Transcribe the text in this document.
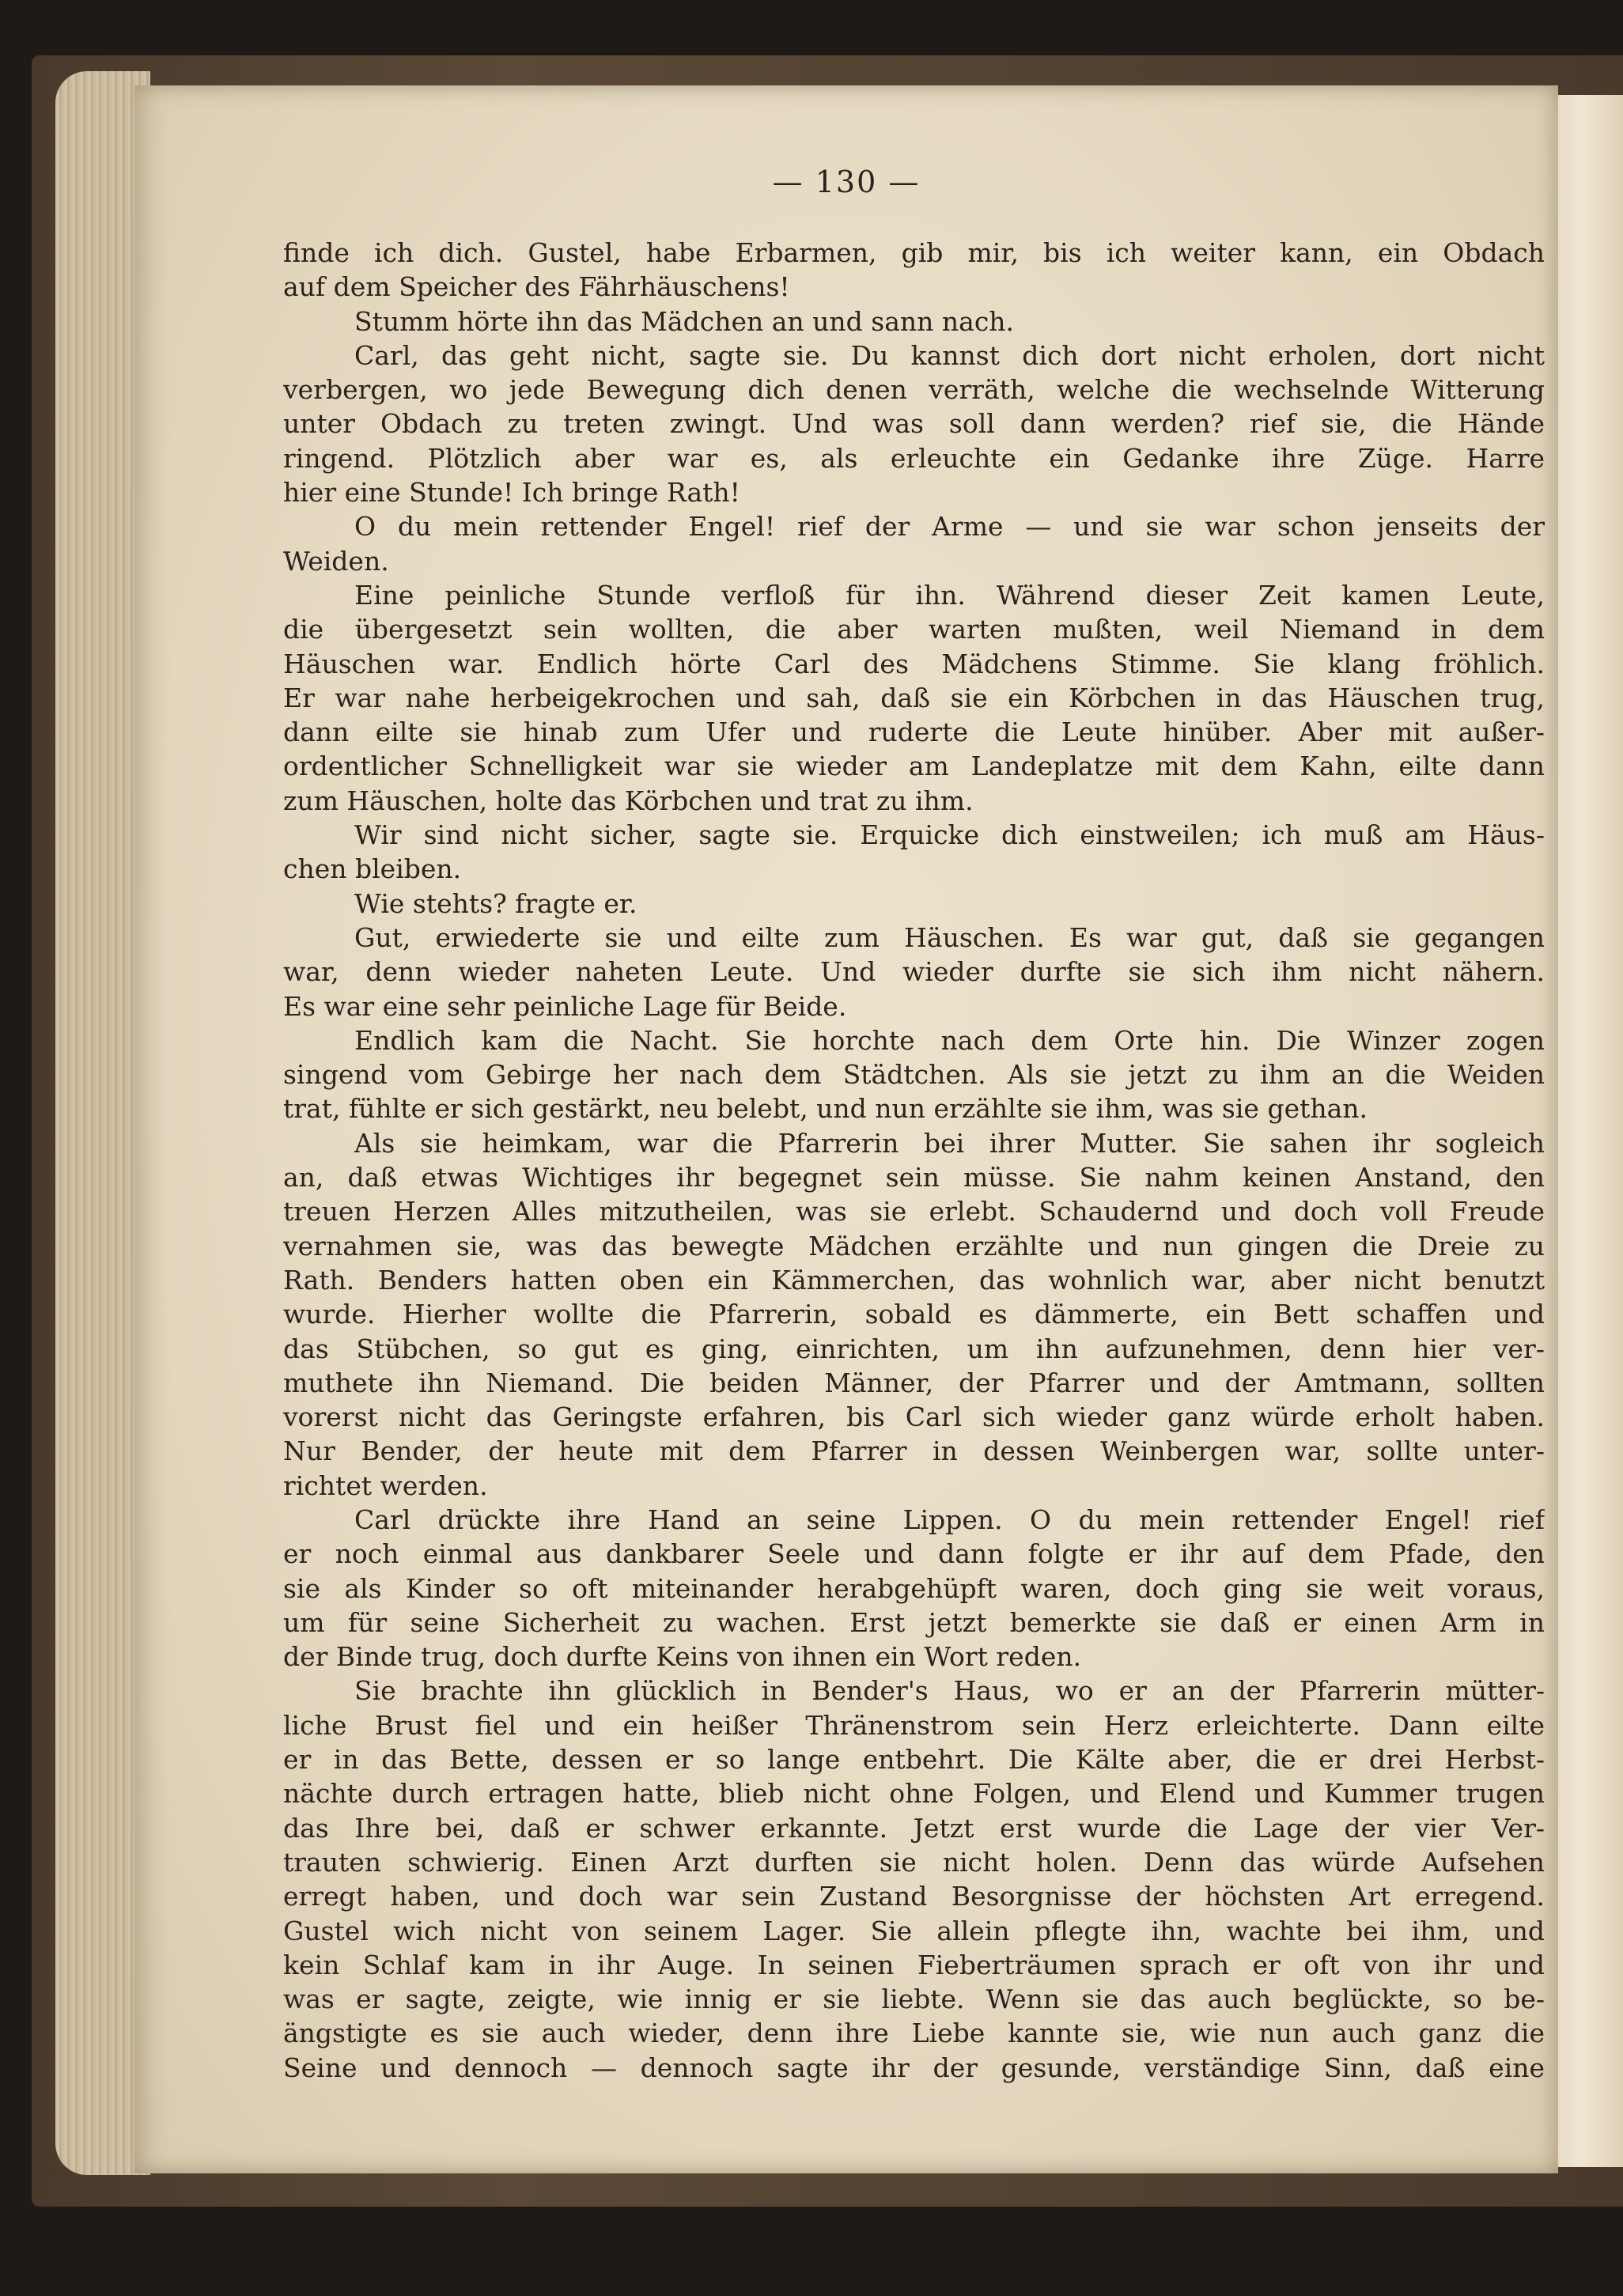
— 130 —
finde ich dich. Gustel, habe Erbarmen, gib mir, bis ich weiter kann, ein Obdach
auf dem Speicher des Fährhäuschens!
Stumm hörte ihn das Mädchen an und sann nach.
Carl, das geht nicht, sagte sie. Du kannst dich dort nicht erholen, dort nicht
verbergen, wo jede Bewegung dich denen verräth, welche die wechselnde Witterung
unter Obdach zu treten zwingt. Und was soll dann werden? rief sie, die Hände
ringend. Plötzlich aber war es, als erleuchte ein Gedanke ihre Züge. Harre
hier eine Stunde! Ich bringe Rath!
O du mein rettender Engel! rief der Arme — und sie war schon jenseits der
Weiden.
Eine peinliche Stunde verfloß für ihn. Während dieser Zeit kamen Leute,
die übergesetzt sein wollten, die aber warten mußten, weil Niemand in dem
Häuschen war. Endlich hörte Carl des Mädchens Stimme. Sie klang fröhlich.
Er war nahe herbeigekrochen und sah, daß sie ein Körbchen in das Häuschen trug,
dann eilte sie hinab zum Ufer und ruderte die Leute hinüber. Aber mit außer-
ordentlicher Schnelligkeit war sie wieder am Landeplatze mit dem Kahn, eilte dann
zum Häuschen, holte das Körbchen und trat zu ihm.
Wir sind nicht sicher, sagte sie. Erquicke dich einstweilen; ich muß am Häus-
chen bleiben.
Wie stehts? fragte er.
Gut, erwiederte sie und eilte zum Häuschen. Es war gut, daß sie gegangen
war, denn wieder naheten Leute. Und wieder durfte sie sich ihm nicht nähern.
Es war eine sehr peinliche Lage für Beide.
Endlich kam die Nacht. Sie horchte nach dem Orte hin. Die Winzer zogen
singend vom Gebirge her nach dem Städtchen. Als sie jetzt zu ihm an die Weiden
trat, fühlte er sich gestärkt, neu belebt, und nun erzählte sie ihm, was sie gethan.
Als sie heimkam, war die Pfarrerin bei ihrer Mutter. Sie sahen ihr sogleich
an, daß etwas Wichtiges ihr begegnet sein müsse. Sie nahm keinen Anstand, den
treuen Herzen Alles mitzutheilen, was sie erlebt. Schaudernd und doch voll Freude
vernahmen sie, was das bewegte Mädchen erzählte und nun gingen die Dreie zu
Rath. Benders hatten oben ein Kämmerchen, das wohnlich war, aber nicht benutzt
wurde. Hierher wollte die Pfarrerin, sobald es dämmerte, ein Bett schaffen und
das Stübchen, so gut es ging, einrichten, um ihn aufzunehmen, denn hier ver-
muthete ihn Niemand. Die beiden Männer, der Pfarrer und der Amtmann, sollten
vorerst nicht das Geringste erfahren, bis Carl sich wieder ganz würde erholt haben.
Nur Bender, der heute mit dem Pfarrer in dessen Weinbergen war, sollte unter-
richtet werden.
Carl drückte ihre Hand an seine Lippen. O du mein rettender Engel! rief
er noch einmal aus dankbarer Seele und dann folgte er ihr auf dem Pfade, den
sie als Kinder so oft miteinander herabgehüpft waren, doch ging sie weit voraus,
um für seine Sicherheit zu wachen. Erst jetzt bemerkte sie daß er einen Arm in
der Binde trug, doch durfte Keins von ihnen ein Wort reden.
Sie brachte ihn glücklich in Bender's Haus, wo er an der Pfarrerin mütter-
liche Brust fiel und ein heißer Thränenstrom sein Herz erleichterte. Dann eilte
er in das Bette, dessen er so lange entbehrt. Die Kälte aber, die er drei Herbst-
nächte durch ertragen hatte, blieb nicht ohne Folgen, und Elend und Kummer trugen
das Ihre bei, daß er schwer erkannte. Jetzt erst wurde die Lage der vier Ver-
trauten schwierig. Einen Arzt durften sie nicht holen. Denn das würde Aufsehen
erregt haben, und doch war sein Zustand Besorgnisse der höchsten Art erregend.
Gustel wich nicht von seinem Lager. Sie allein pflegte ihn, wachte bei ihm, und
kein Schlaf kam in ihr Auge. In seinen Fieberträumen sprach er oft von ihr und
was er sagte, zeigte, wie innig er sie liebte. Wenn sie das auch beglückte, so be-
ängstigte es sie auch wieder, denn ihre Liebe kannte sie, wie nun auch ganz die
Seine und dennoch — dennoch sagte ihr der gesunde, verständige Sinn, daß eine
